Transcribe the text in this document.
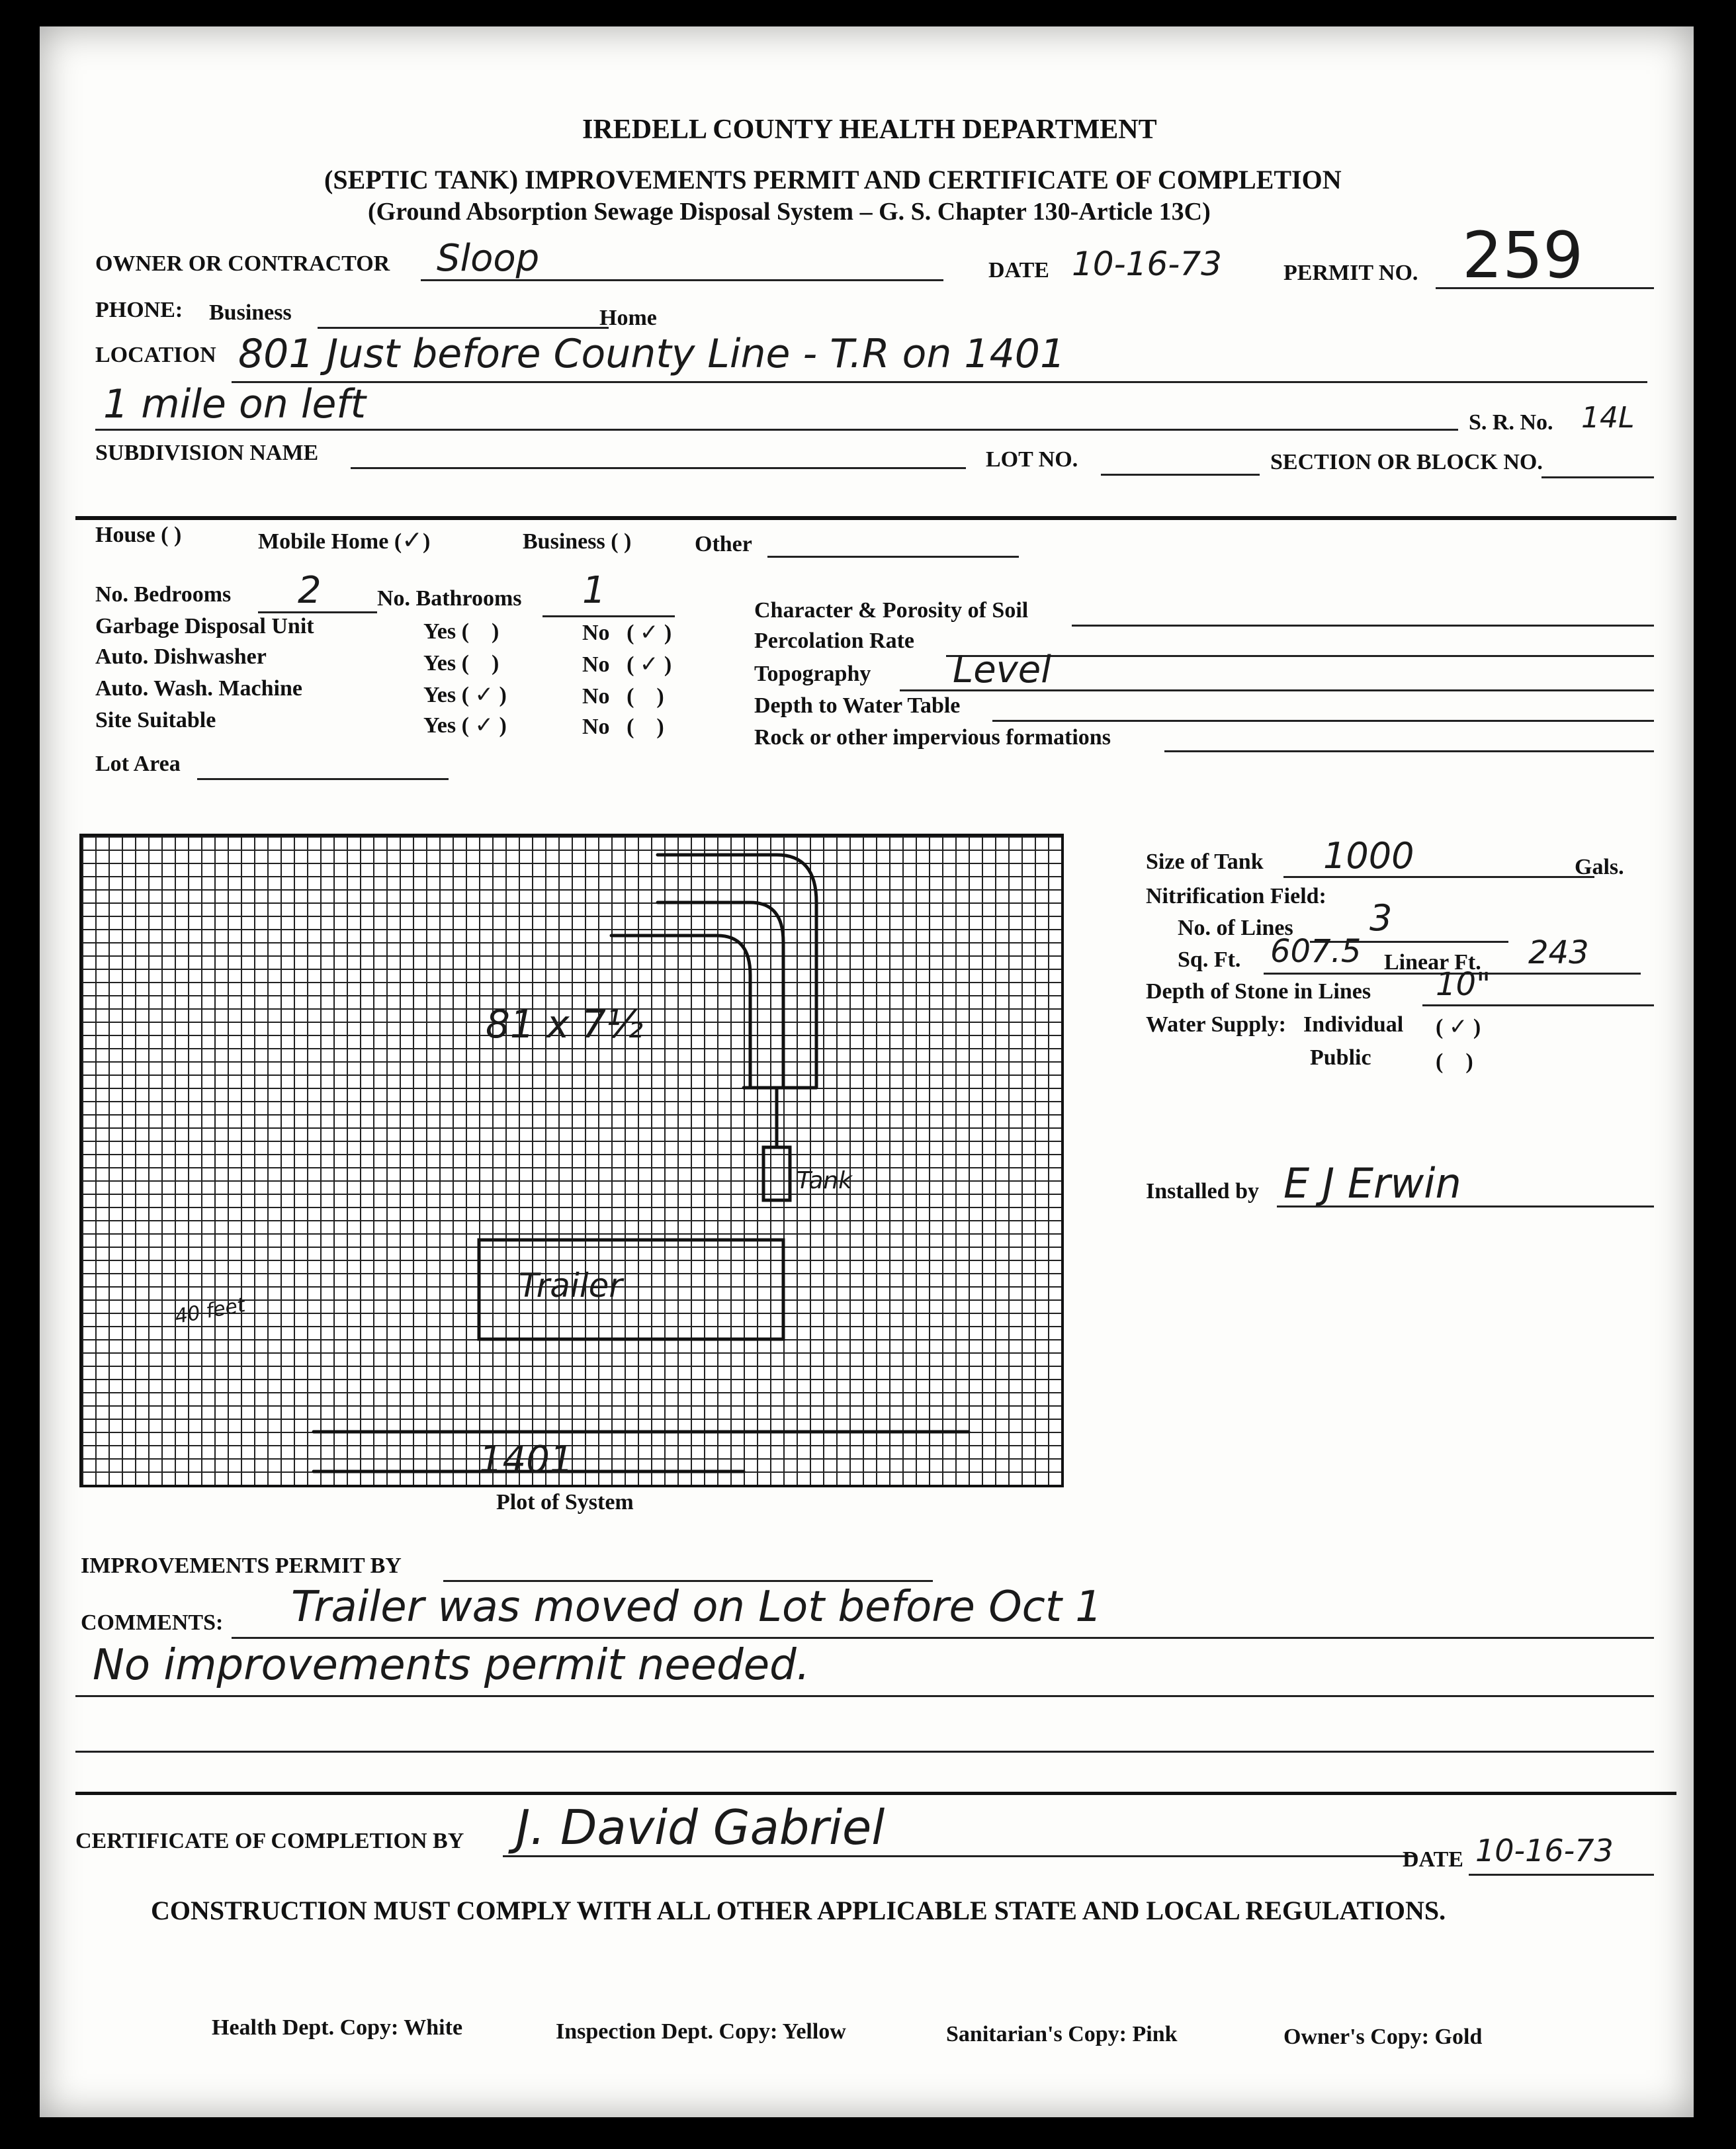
IREDELL COUNTY HEALTH DEPARTMENT
(SEPTIC TANK) IMPROVEMENTS PERMIT AND CERTIFICATE OF COMPLETION
(Ground Absorption Sewage Disposal System – G. S. Chapter 130-Article 13C)
OWNER OR CONTRACTOR Sloop	DATE 10-16-73	PERMIT NO. 259
PHONE: Business	Home
LOCATION 801 Just before County Line - T.R on 1401
1 mile on left	S. R. No. 14L
SUBDIVISION NAME	LOT NO.	SECTION OR BLOCK NO.
House ( )	Mobile Home (✓)	Business ( )	Other
No. Bedrooms 2 No. Bathrooms 1
Garbage Disposal Unit	Yes (    )	No   ( ✓ )
Auto. Dishwasher	Yes (    )	No   ( ✓ )
Auto. Wash. Machine	Yes ( ✓ )	No   (    )
Site Suitable	Yes ( ✓ )	No   (    )
Lot Area
Character & Porosity of Soil
Percolation Rate
Topography Level
Depth to Water Table
Rock or other impervious formations
81 x 7½
Tank
Trailer
1401
40 feet
Plot of System
Size of Tank 1000	Gals.
Nitrification Field:
No. of Lines 3
Sq. Ft. 607.5 Linear Ft. 243
Depth of Stone in Lines 10"
Water Supply: Individual ( ✓ )
Public	(    )
Installed by E J Erwin
IMPROVEMENTS PERMIT BY
COMMENTS: Trailer was moved on Lot before Oct 1
No improvements permit needed.
CERTIFICATE OF COMPLETION BY J. David Gabriel
DATE 10-16-73
CONSTRUCTION MUST COMPLY WITH ALL OTHER APPLICABLE STATE AND LOCAL REGULATIONS.
Health Dept. Copy: White	Inspection Dept. Copy: Yellow	Sanitarian's Copy: Pink	Owner's Copy: Gold
